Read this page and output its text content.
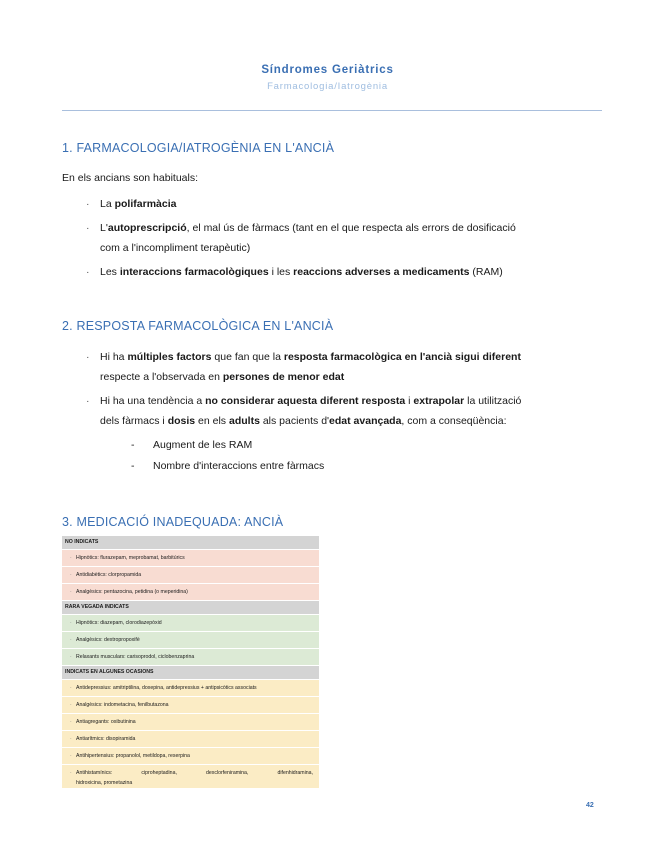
Síndromes Geriàtrics
Farmacologia/Iatrogènia
1. FARMACOLOGIA/IATROGÈNIA EN L'ANCIÀ
En els ancians son habituals:
· La polifarmàcia
· L'autoprescripció, el mal ús de fàrmacs (tant en el que respecta als errors de dosificació
com a l'incompliment terapèutic)
· Les interaccions farmacològiques i les reaccions adverses a medicaments (RAM)
2. RESPOSTA FARMACOLÒGICA EN L'ANCIÀ
· Hi ha múltiples factors que fan que la resposta farmacològica en l'ancià sigui diferent
respecte a l'observada en persones de menor edat
· Hi ha una tendència a no considerar aquesta diferent resposta i extrapolar la utilització
dels fàrmacs i dosis en els adults als pacients d'edat avançada, com a conseqüència:
- Augment de les RAM
- Nombre d'interaccions entre fàrmacs
3. MEDICACIÓ INADEQUADA: ANCIÀ
NO INDICATS
· Hipnòtics: flurazepam, meprobamat, barbitúrics
· Antidiabètics: clorpropamida
· Analgèsics: pentazocina, petidina (o meperidina)
RARA VEGADA INDICATS
· Hipnòtics: diazepam, clorodiazepòxid
· Analgèsics: dextropropoxifè
· Relaxants musculars: carisoprodol, ciclobenzaprina
INDICATS EN ALGUNES OCASIONS
· Antidepressius: amitriptilina, doxepina, antidepressius + antipsicòtics associats
· Analgèsics: indometacina, fenilbutazona
· Antiagregants: oxibutinina
· Antiarítmics: disopiramida
· Antihipertensius: propanolol, metildopa, reserpina
· Antihistamínics:	ciproheptadina,	dexclorfeniramina,	difenhidramina,
hidroxicina, prometazina
42
